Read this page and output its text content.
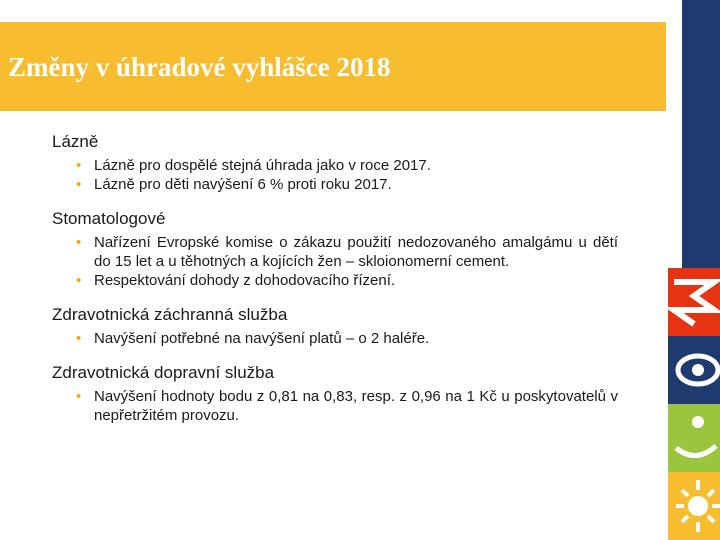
Změny v úhradové vyhlášce 2018
Lázně
• Lázně pro dospělé stejná úhrada jako v roce 2017.
• Lázně pro děti navýšení 6 % proti roku 2017.
Stomatologové
• Nařízení Evropské komise o zákazu použití nedozovaného amalgámu u dětí do 15 let a u těhotných a kojících žen – skloionomerní cement.
• Respektování dohody z dohodovacího řízení.
Zdravotnická záchranná služba
• Navýšení potřebné na navýšení platů – o 2 haléře.
Zdravotnická dopravní služba
• Navýšení hodnoty bodu z 0,81 na 0,83, resp. z 0,96 na 1 Kč u poskytovatelů v nepřetržitém provozu.
